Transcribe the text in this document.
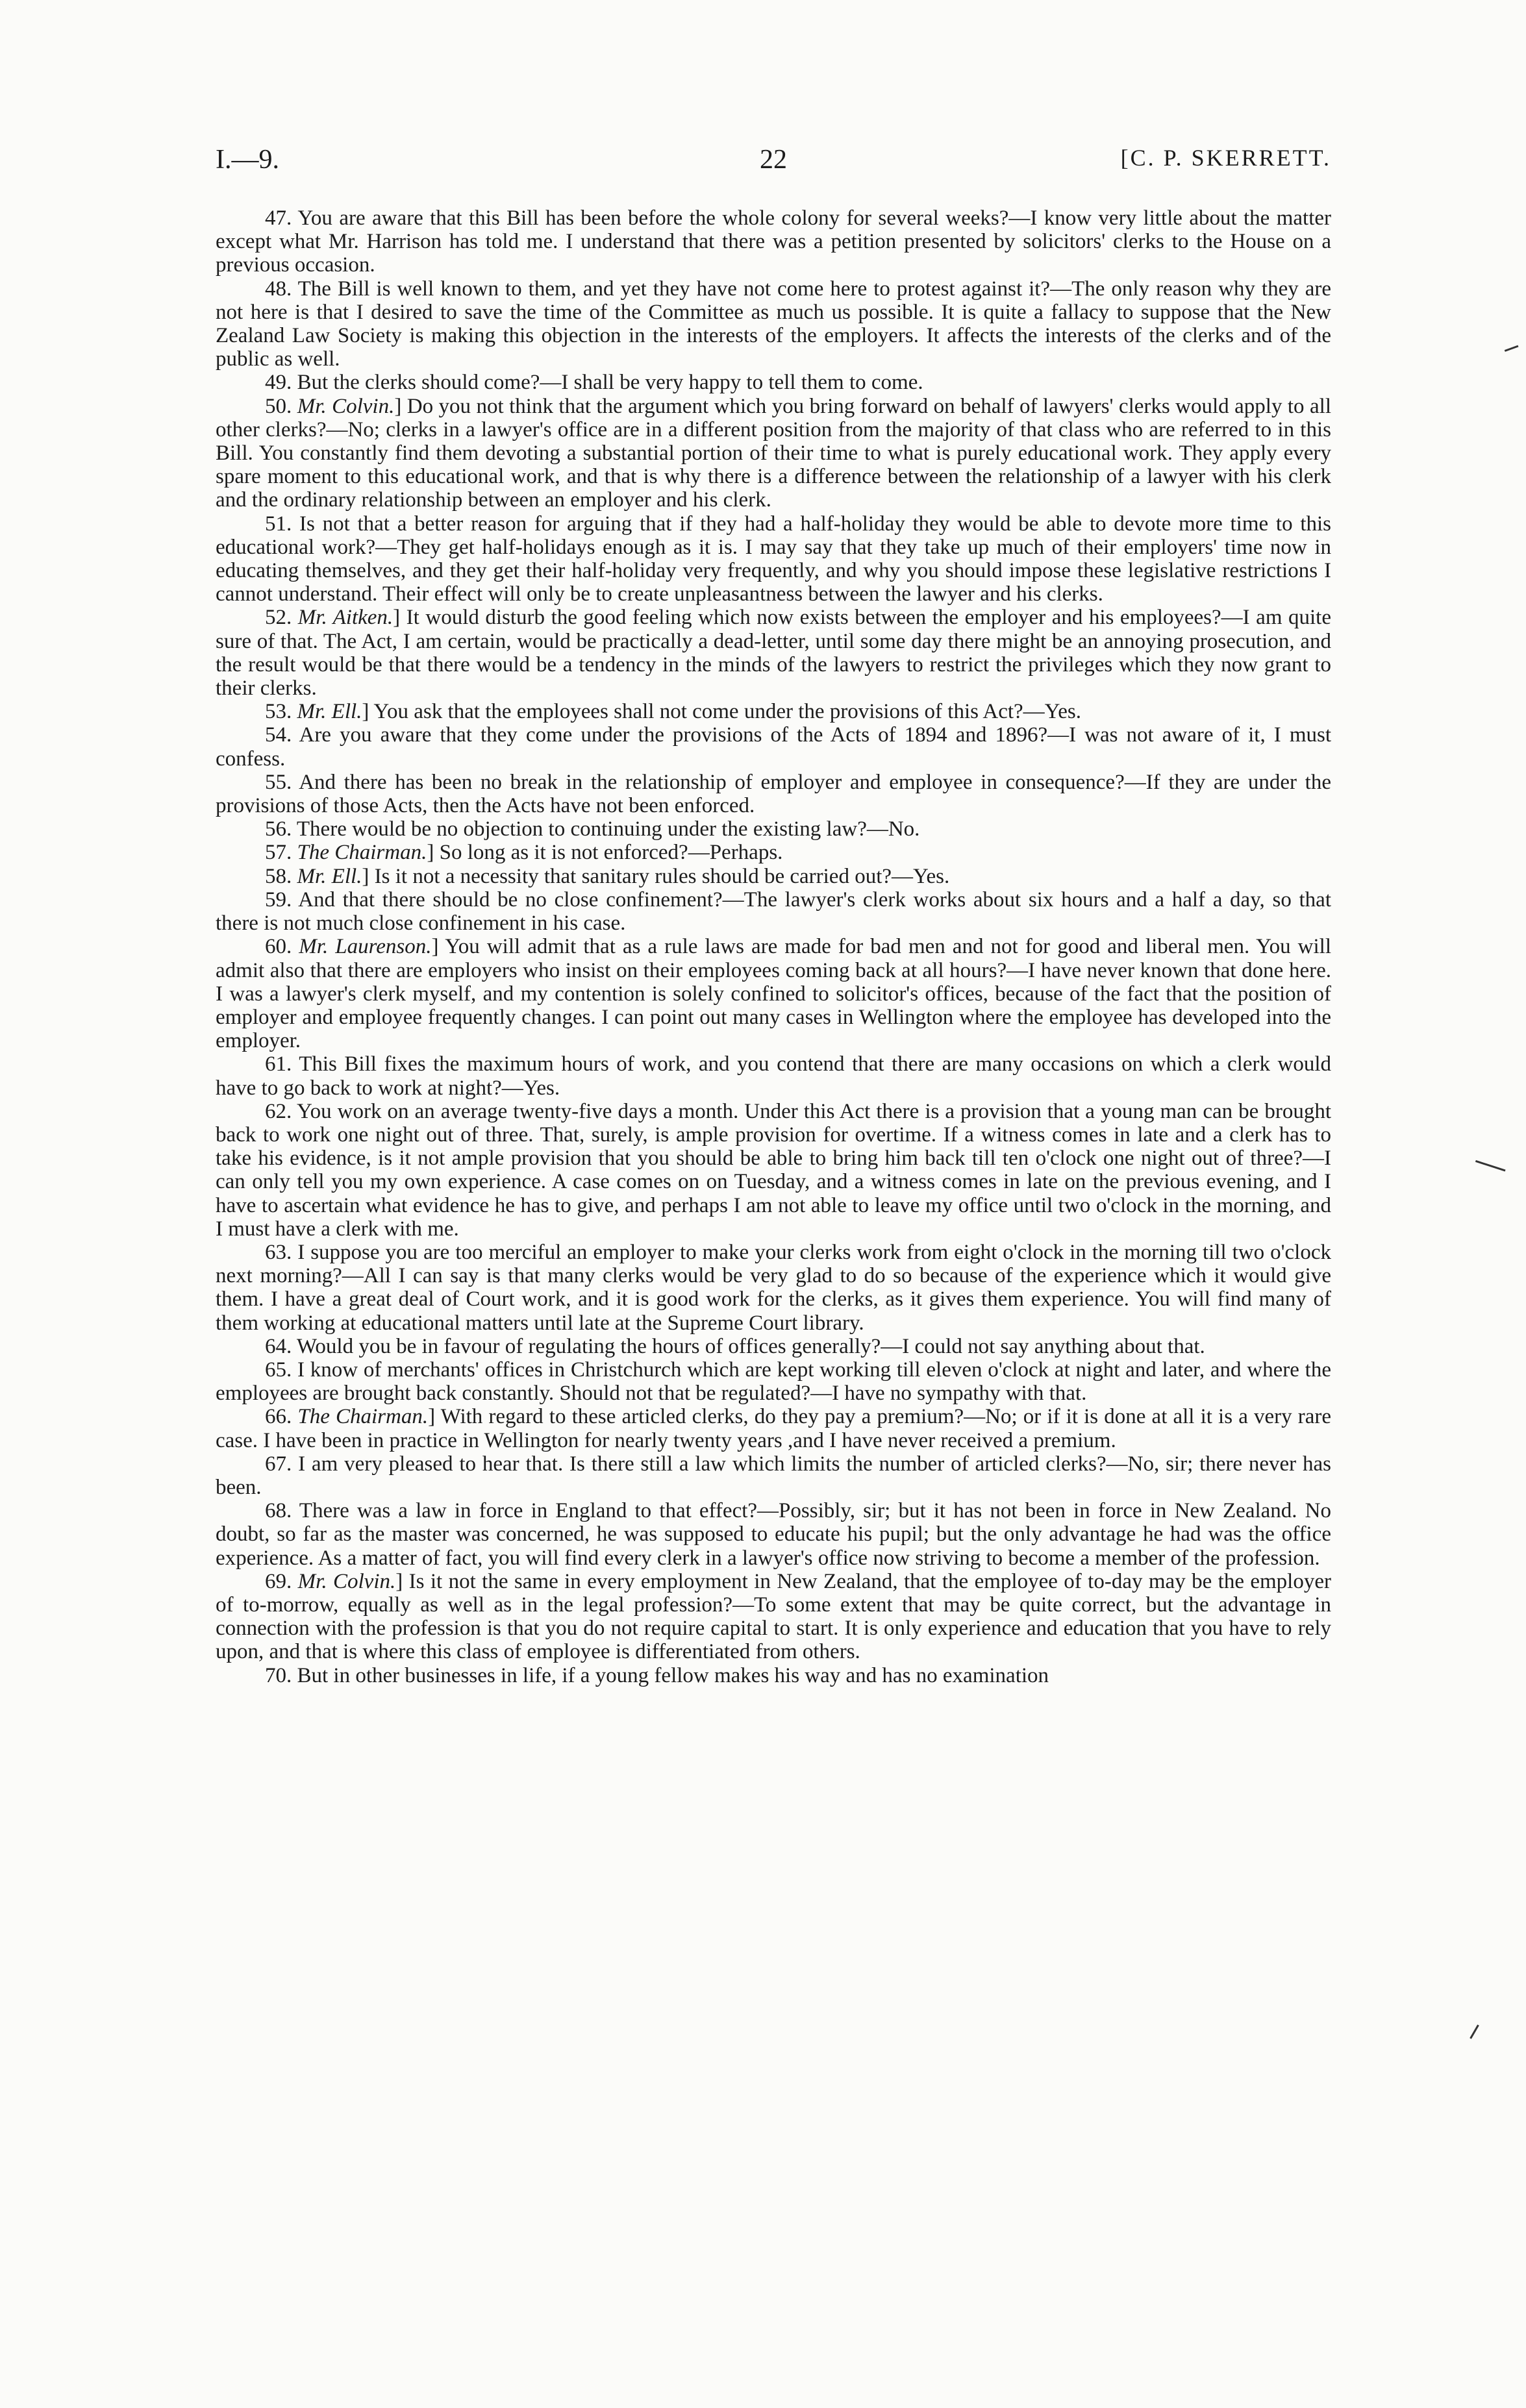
I.—9.	22	[C. P. SKERRETT.

47. You are aware that this Bill has been before the whole colony for several weeks?—I know very little about the matter except what Mr. Harrison has told me. I understand that there was a petition presented by solicitors' clerks to the House on a previous occasion.

48. The Bill is well known to them, and yet they have not come here to protest against it?—The only reason why they are not here is that I desired to save the time of the Committee as much us possible. It is quite a fallacy to suppose that the New Zealand Law Society is making this objection in the interests of the employers. It affects the interests of the clerks and of the public as well.

49. But the clerks should come?—I shall be very happy to tell them to come.

50. Mr. Colvin.] Do you not think that the argument which you bring forward on behalf of lawyers' clerks would apply to all other clerks?—No; clerks in a lawyer's office are in a different position from the majority of that class who are referred to in this Bill. You constantly find them devoting a substantial portion of their time to what is purely educational work. They apply every spare moment to this educational work, and that is why there is a difference between the relationship of a lawyer with his clerk and the ordinary relationship between an employer and his clerk.

51. Is not that a better reason for arguing that if they had a half-holiday they would be able to devote more time to this educational work?—They get half-holidays enough as it is. I may say that they take up much of their employers' time now in educating themselves, and they get their half-holiday very frequently, and why you should impose these legislative restrictions I cannot understand. Their effect will only be to create unpleasantness between the lawyer and his clerks.

52. Mr. Aitken.] It would disturb the good feeling which now exists between the employer and his employees?—I am quite sure of that. The Act, I am certain, would be practically a dead-letter, until some day there might be an annoying prosecution, and the result would be that there would be a tendency in the minds of the lawyers to restrict the privileges which they now grant to their clerks.

53. Mr. Ell.] You ask that the employees shall not come under the provisions of this Act?—Yes.

54. Are you aware that they come under the provisions of the Acts of 1894 and 1896?—I was not aware of it, I must confess.

55. And there has been no break in the relationship of employer and employee in consequence?—If they are under the provisions of those Acts, then the Acts have not been enforced.

56. There would be no objection to continuing under the existing law?—No.

57. The Chairman.] So long as it is not enforced?—Perhaps.

58. Mr. Ell.] Is it not a necessity that sanitary rules should be carried out?—Yes.

59. And that there should be no close confinement?—The lawyer's clerk works about six hours and a half a day, so that there is not much close confinement in his case.

60. Mr. Laurenson.] You will admit that as a rule laws are made for bad men and not for good and liberal men. You will admit also that there are employers who insist on their employees coming back at all hours?—I have never known that done here. I was a lawyer's clerk myself, and my contention is solely confined to solicitor's offices, because of the fact that the position of employer and employee frequently changes. I can point out many cases in Wellington where the employee has developed into the employer.

61. This Bill fixes the maximum hours of work, and you contend that there are many occasions on which a clerk would have to go back to work at night?—Yes.

62. You work on an average twenty-five days a month. Under this Act there is a provision that a young man can be brought back to work one night out of three. That, surely, is ample provision for overtime. If a witness comes in late and a clerk has to take his evidence, is it not ample provision that you should be able to bring him back till ten o'clock one night out of three?—I can only tell you my own experience. A case comes on on Tuesday, and a witness comes in late on the previous evening, and I have to ascertain what evidence he has to give, and perhaps I am not able to leave my office until two o'clock in the morning, and I must have a clerk with me.

63. I suppose you are too merciful an employer to make your clerks work from eight o'clock in the morning till two o'clock next morning?—All I can say is that many clerks would be very glad to do so because of the experience which it would give them. I have a great deal of Court work, and it is good work for the clerks, as it gives them experience. You will find many of them working at educational matters until late at the Supreme Court library.

64. Would you be in favour of regulating the hours of offices generally?—I could not say anything about that.

65. I know of merchants' offices in Christchurch which are kept working till eleven o'clock at night and later, and where the employees are brought back constantly. Should not that be regulated?—I have no sympathy with that.

66. The Chairman.] With regard to these articled clerks, do they pay a premium?—No; or if it is done at all it is a very rare case. I have been in practice in Wellington for nearly twenty years ,and I have never received a premium.

67. I am very pleased to hear that. Is there still a law which limits the number of articled clerks?—No, sir; there never has been.

68. There was a law in force in England to that effect?—Possibly, sir; but it has not been in force in New Zealand. No doubt, so far as the master was concerned, he was supposed to educate his pupil; but the only advantage he had was the office experience. As a matter of fact, you will find every clerk in a lawyer's office now striving to become a member of the profession.

69. Mr. Colvin.] Is it not the same in every employment in New Zealand, that the employee of to-day may be the employer of to-morrow, equally as well as in the legal profession?—To some extent that may be quite correct, but the advantage in connection with the profession is that you do not require capital to start. It is only experience and education that you have to rely upon, and that is where this class of employee is differentiated from others.

70. But in other businesses in life, if a young fellow makes his way and has no examination
